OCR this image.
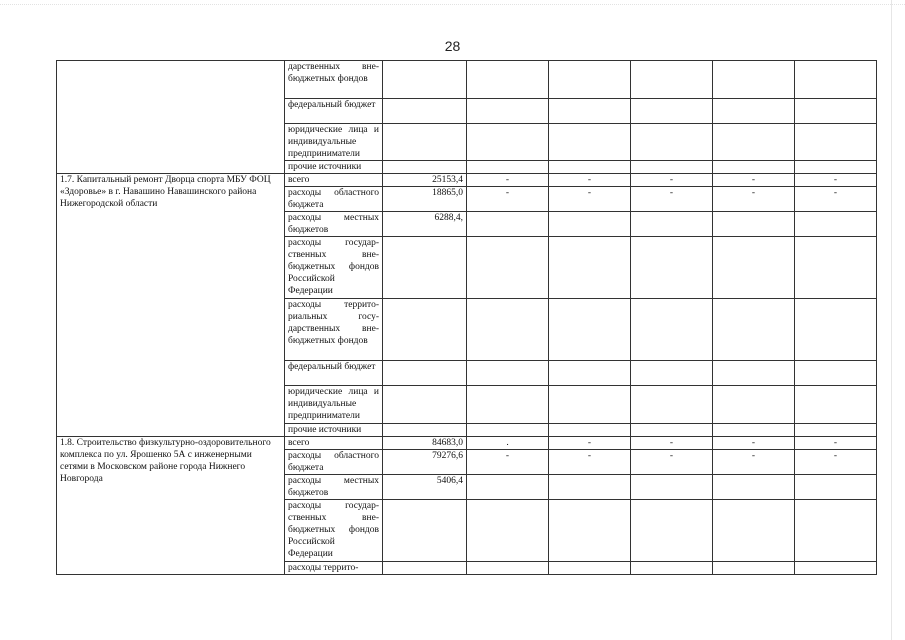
28
	дарственных внебюджетных фондов						
	федеральный бюджет						
	юридические лица и индивидуальные предприниматели						
	прочие источники						
1.7. Капитальный ремонт Дворца спорта МБУ ФОЦ «Здоровье» в г. Навашино Навашинского района Нижегородской области	всего	25153,4	-	-	-	-	-
	расходы областного бюджета	18865,0	-	-	-	-	-
	расходы местных бюджетов	6288,4,					
	расходы государственных внебюджетных фондов Российской Федерации						
	расходы территориальных государственных внебюджетных фондов						
	федеральный бюджет						
	юридические лица и индивидуальные предприниматели						
	прочие источники						
1.8. Строительство физкультурно-оздоровительного комплекса по ул. Ярошенко 5А с инженерными сетями в Московском районе города Нижнего Новгорода	всего	84683,0	.	-	-	-	-
	расходы областного бюджета	79276,6	-	-	-	-	-
	расходы местных бюджетов	5406,4					
	расходы государственных внебюджетных фондов Российской Федерации						
	расходы террито-						
